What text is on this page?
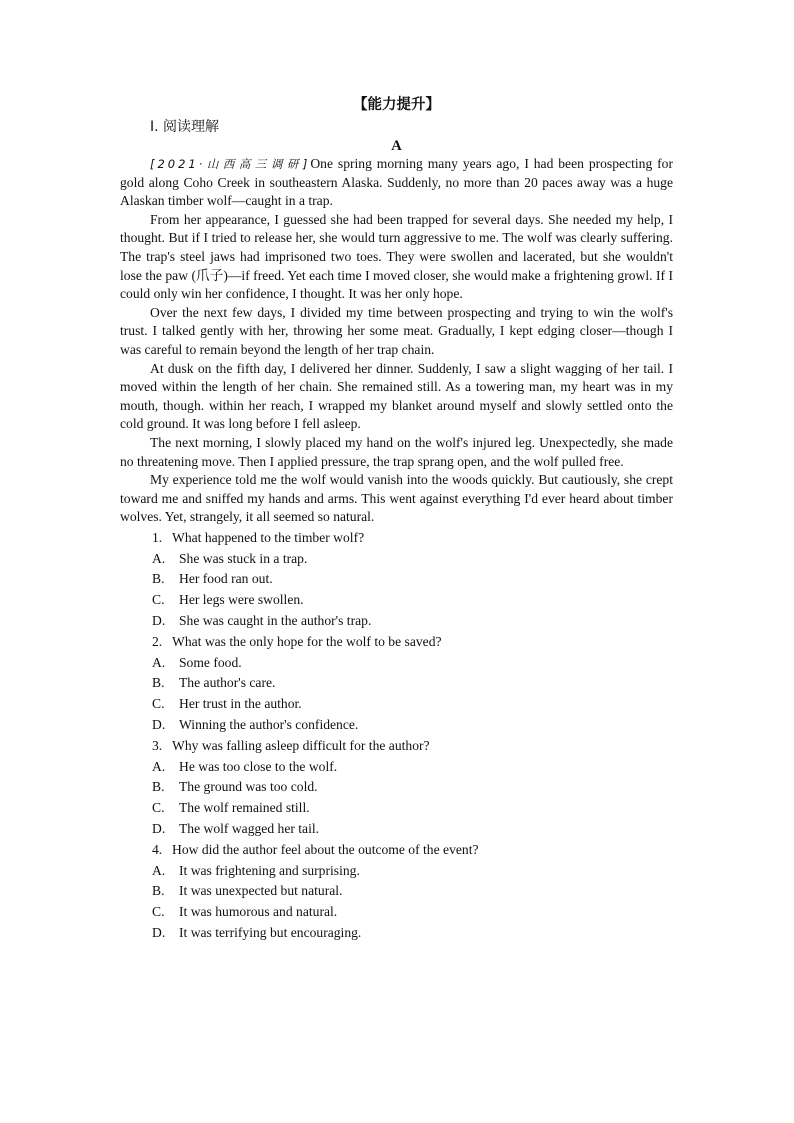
【能力提升】
Ⅰ. 阅读理解
A

[2021·山西高三调研]One spring morning many years ago, I had been prospecting for gold along Coho Creek in southeastern Alaska. Suddenly, no more than 20 paces away was a huge Alaskan timber wolf—caught in a trap.

From her appearance, I guessed she had been trapped for several days. She needed my help, I thought. But if I tried to release her, she would turn aggressive to me. The wolf was clearly suffering. The trap's steel jaws had imprisoned two toes. They were swollen and lacerated, but she wouldn't lose the paw (爪子)—if freed. Yet each time I moved closer, she would make a frightening growl. If I could only win her confidence, I thought. It was her only hope.

Over the next few days, I divided my time between prospecting and trying to win the wolf's trust. I talked gently with her, throwing her some meat. Gradually, I kept edging closer—though I was careful to remain beyond the length of her trap chain.

At dusk on the fifth day, I delivered her dinner. Suddenly, I saw a slight wagging of her tail. I moved within the length of her chain. She remained still. As a towering man, my heart was in my mouth, though. within her reach, I wrapped my blanket around myself and slowly settled onto the cold ground. It was long before I fell asleep.

The next morning, I slowly placed my hand on the wolf's injured leg. Unexpectedly, she made no threatening move. Then I applied pressure, the trap sprang open, and the wolf pulled free.

My experience told me the wolf would vanish into the woods quickly. But cautiously, she crept toward me and sniffed my hands and arms. This went against everything I'd ever heard about timber wolves. Yet, strangely, it all seemed so natural.

1. What happened to the timber wolf?
A. She was stuck in a trap.
B. Her food ran out.
C. Her legs were swollen.
D. She was caught in the author's trap.
2. What was the only hope for the wolf to be saved?
A. Some food.
B. The author's care.
C. Her trust in the author.
D. Winning the author's confidence.
3. Why was falling asleep difficult for the author?
A. He was too close to the wolf.
B. The ground was too cold.
C. The wolf remained still.
D. The wolf wagged her tail.
4. How did the author feel about the outcome of the event?
A. It was frightening and surprising.
B. It was unexpected but natural.
C. It was humorous and natural.
D. It was terrifying but encouraging.
